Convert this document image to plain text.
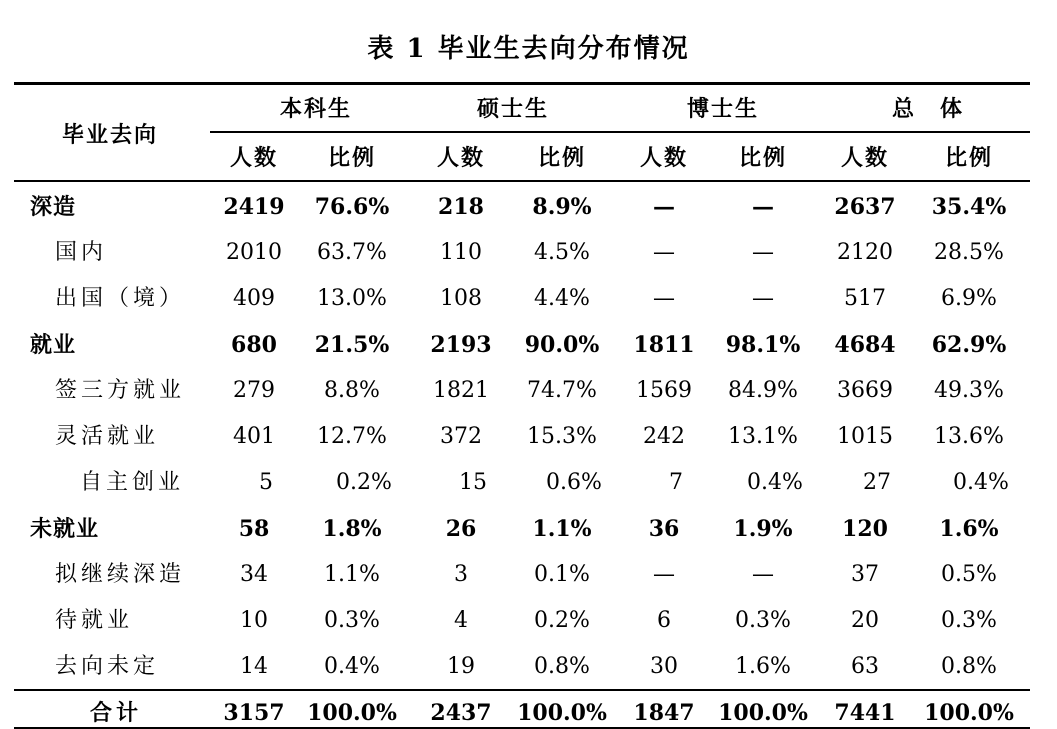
表 1 毕业生去向分布情况
毕业去向
本科生	硕士生	博士生	总　体
人数 比例	人数 比例 人数 比例 人数	比例
深造	2419 76.6% 218 8.9%	—	—	2637 35.4%
国内	2010 63.7% 110 4.5%	—	—	2120 28.5%
出国（境） 409 13.0% 108 4.4%	—	—	517	6.9%
就业	680 21.5% 2193 90.0% 1811 98.1% 4684 62.9%
签三方就业 279 8.8% 1821 74.7% 1569 84.9% 3669 49.3%
灵活就业	401 12.7% 372 15.3% 242 13.1% 1015 13.6%
自主创业	5	0.2%	15	0.6%	7	0.4%	27	0.4%
未就业	58 1.8%	26	1.1%	36 1.9% 120 1.6%
拟继续深造 34	1.1%	3	0.1%	—	—	37	0.5%
待就业	10	0.3%	4	0.2%	6	0.3%	20	0.3%
去向未定	14	0.4%	19	0.8%	30	1.6%	63	0.8%
合计	3157 100.0% 2437 100.0% 1847 100.0% 7441 100.0%
